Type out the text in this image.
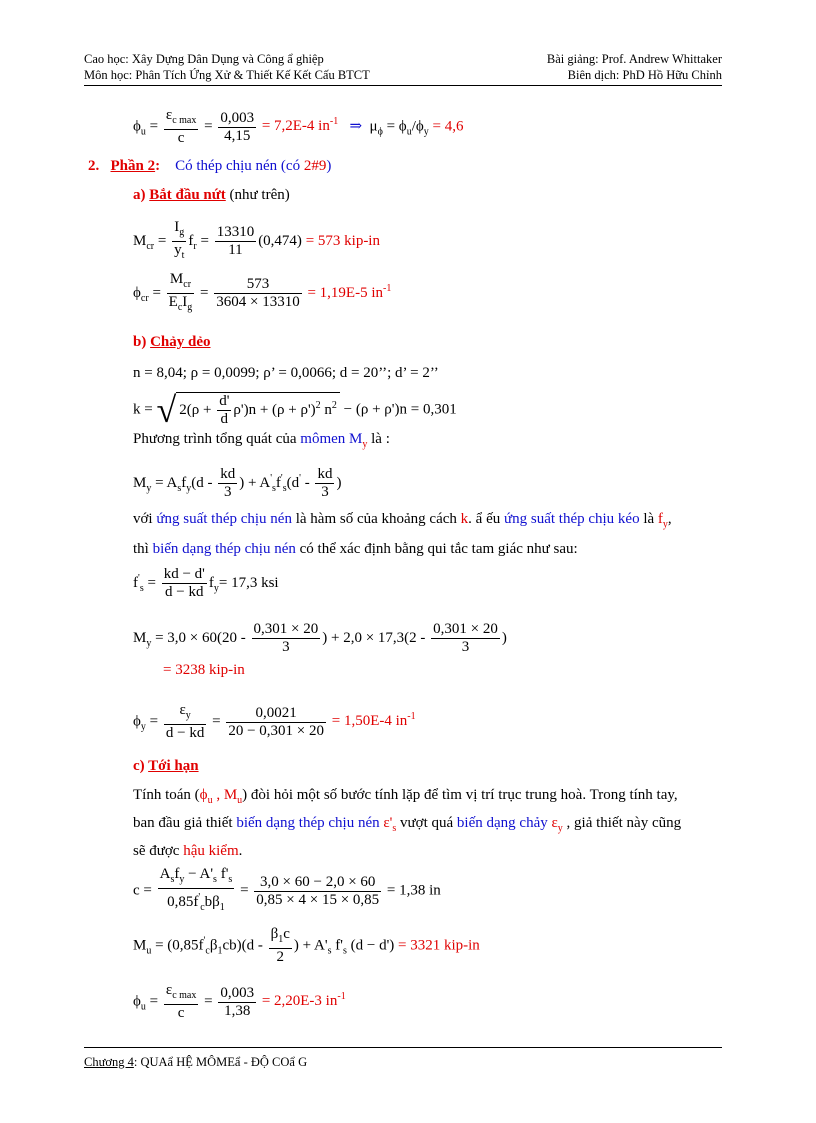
Cao học: Xây Dựng Dân Dụng và Công ẩ ghiệp
Môn học: Phân Tích Ứng Xử & Thiết Kế Kết Cấu BTCT
Bài giảng: Prof. Andrew Whittaker
Biên dịch: PhD Hồ Hữu Chỉnh
$\phi_u = \frac{\varepsilon_{c max}}{c} = \frac{0,003}{4,15} = 7,2E-4$ $in^{-1}$ ⇒ $\mu_\phi = \phi_u/\phi_y = 4,6$
2. Phần 2: Có thép chịu nén (có 2#9)
a) Bắt đầu nứt (như trên)
$M_{cr} = \frac{I_g}{y_t} f_r = \frac{13310}{11} (0,474) = 573$ kip-in
$\phi_{cr} = \frac{M_{cr}}{E_cI_g} = \frac{573}{3604 \times 13310} = 1,19E-5$ $in^{-1}$
b) Chảy dẻo
n = 8,04; ρ = 0,0099; ρ’ = 0,0066; d = 20’’; d’ = 2’’
k = √ $2(\rho + \frac{d'}{d} \rho')n + (\rho + \rho')^2$ $n^2 - (\rho + \rho')n = 0,301$
Phương trình tổng quát của mômen $M_y$ là :
$M_y = A_sf_y(d - \frac{kd}{3}$ ) + $A'_sf'_s(d' - \frac{kd}{3}$ )
với ứng suất thép chịu nén là hàm số của khoảng cách k. ẩ ếu ứng suất thép chịu kéo là $f_y$,
thì biến dạng thép chịu nén có thể xác định bằng qui tắc tam giác như sau:
$f'_s = \frac{kd - d'}{d - kd} f_y= 17,3$ ksi
$M_y = 3,0 \times 60(20 - \frac{0,301 \times 20}{3}$ ) + $2,0 \times 17,3(2 - \frac{0,301 \times 20}{3}$ )
= 3238 kip-in
$\phi_y = \frac{\varepsilon_y}{d - kd} = \frac{0,0021}{20 - 0,301 \times 20} = 1,50E-4$ $in^{-1}$
c) Tới hạn
Tính toán ($\phi_u$ , $M_u$) đòi hỏi một số bước tính lặp để tìm vị trí trục trung hoà. Trong tính tay,
ban đầu giả thiết biến dạng thép chịu nén $\varepsilon'_s$ vượt quá biến dạng chảy $\varepsilon_y$ , giả thiết này cũng
sẽ được hậu kiểm.
$c = \frac{A_sf_y - A'_s f'_s}{0,85f'_cb\beta_1} = \frac{3,0 \times 60 - 2,0 \times 60}{0,85 \times 4 \times 15 \times 0,85} = 1,38$ in
$M_u = (0,85f'_c\beta_1cb)(d - \frac{\beta_1c}{2}$ ) + $A'_s$ $f'_s$ (d − d') = 3321 kip-in
$\phi_u = \frac{\varepsilon_{c max}}{c} = \frac{0,003}{1,38} = 2,20E-3$ $in^{-1}$
Chương 4: QUAẩ HỆ MÔMEẩ - ĐỘ COẩ G
